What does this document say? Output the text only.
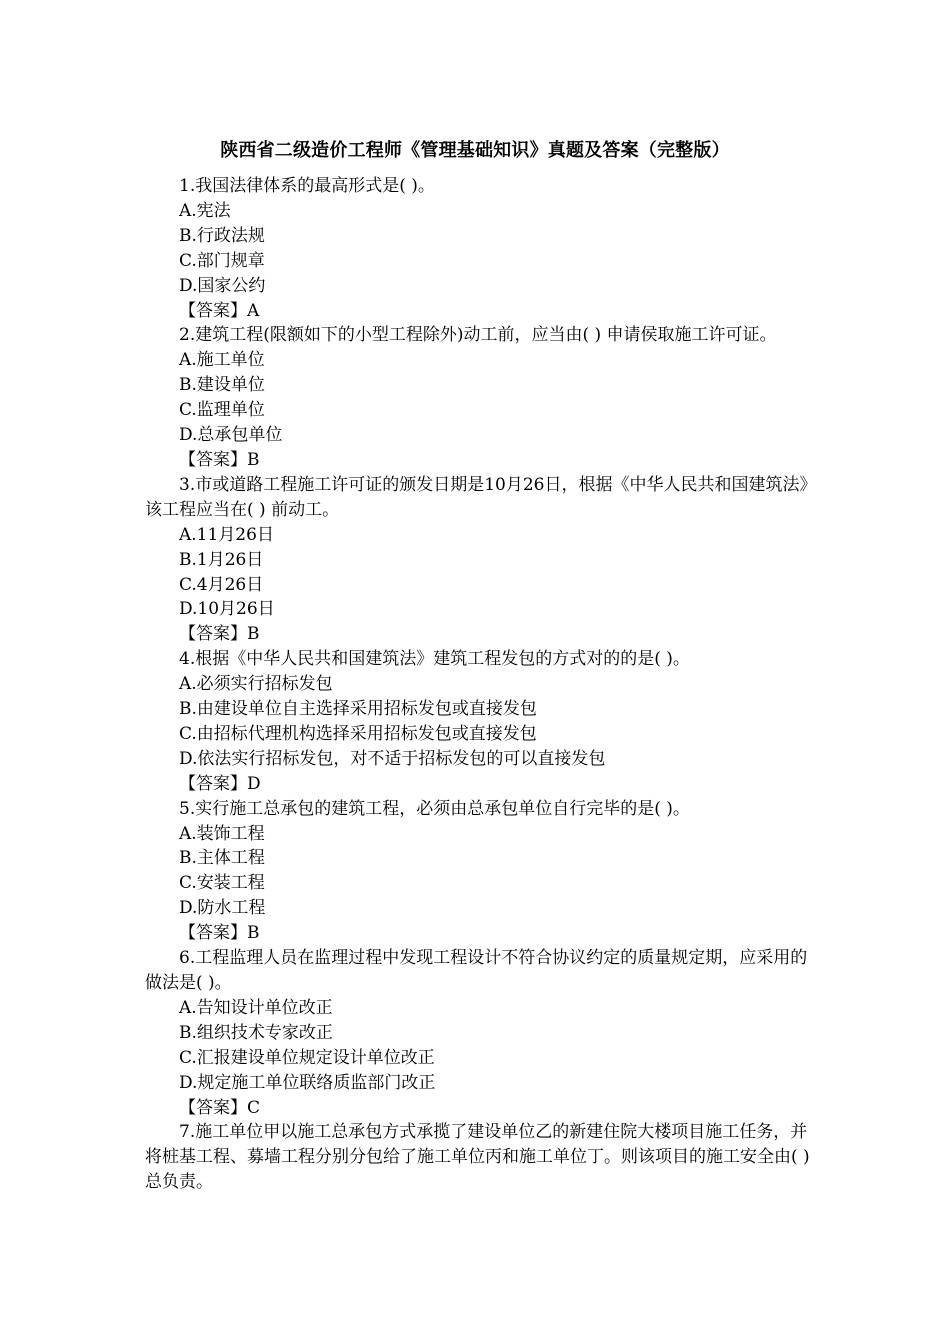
陕西省二级造价工程师《管理基础知识》真题及答案（完整版）
1.我国法律体系的最高形式是( )。
A.宪法
B.行政法规
C.部门规章
D.国家公约
【答案】A
2.建筑工程(限额如下的小型工程除外)动工前，应当由( ) 申请侯取施工许可证。
A.施工单位
B.建设单位
C.监理单位
D.总承包单位
【答案】B
3.市或道路工程施工许可证的颁发日期是10月26日，根据《中华人民共和国建筑法》该工程应当在( ) 前动工。
A.11月26日
B.1月26日
C.4月26日
D.10月26日
【答案】B
4.根据《中华人民共和国建筑法》建筑工程发包的方式对的的是( )。
A.必须实行招标发包
B.由建设单位自主选择采用招标发包或直接发包
C.由招标代理机构选择采用招标发包或直接发包
D.依法实行招标发包，对不适于招标发包的可以直接发包
【答案】D
5.实行施工总承包的建筑工程，必须由总承包单位自行完毕的是( )。
A.装饰工程
B.主体工程
C.安装工程
D.防水工程
【答案】B
6.工程监理人员在监理过程中发现工程设计不符合协议约定的质量规定期，应采用的做法是( )。
A.告知设计单位改正
B.组织技术专家改正
C.汇报建设单位规定设计单位改正
D.规定施工单位联络质监部门改正
【答案】C
7.施工单位甲以施工总承包方式承揽了建设单位乙的新建住院大楼项目施工任务，并将桩基工程、募墙工程分别分包给了施工单位丙和施工单位丁。则该项目的施工安全由( )总负责。
